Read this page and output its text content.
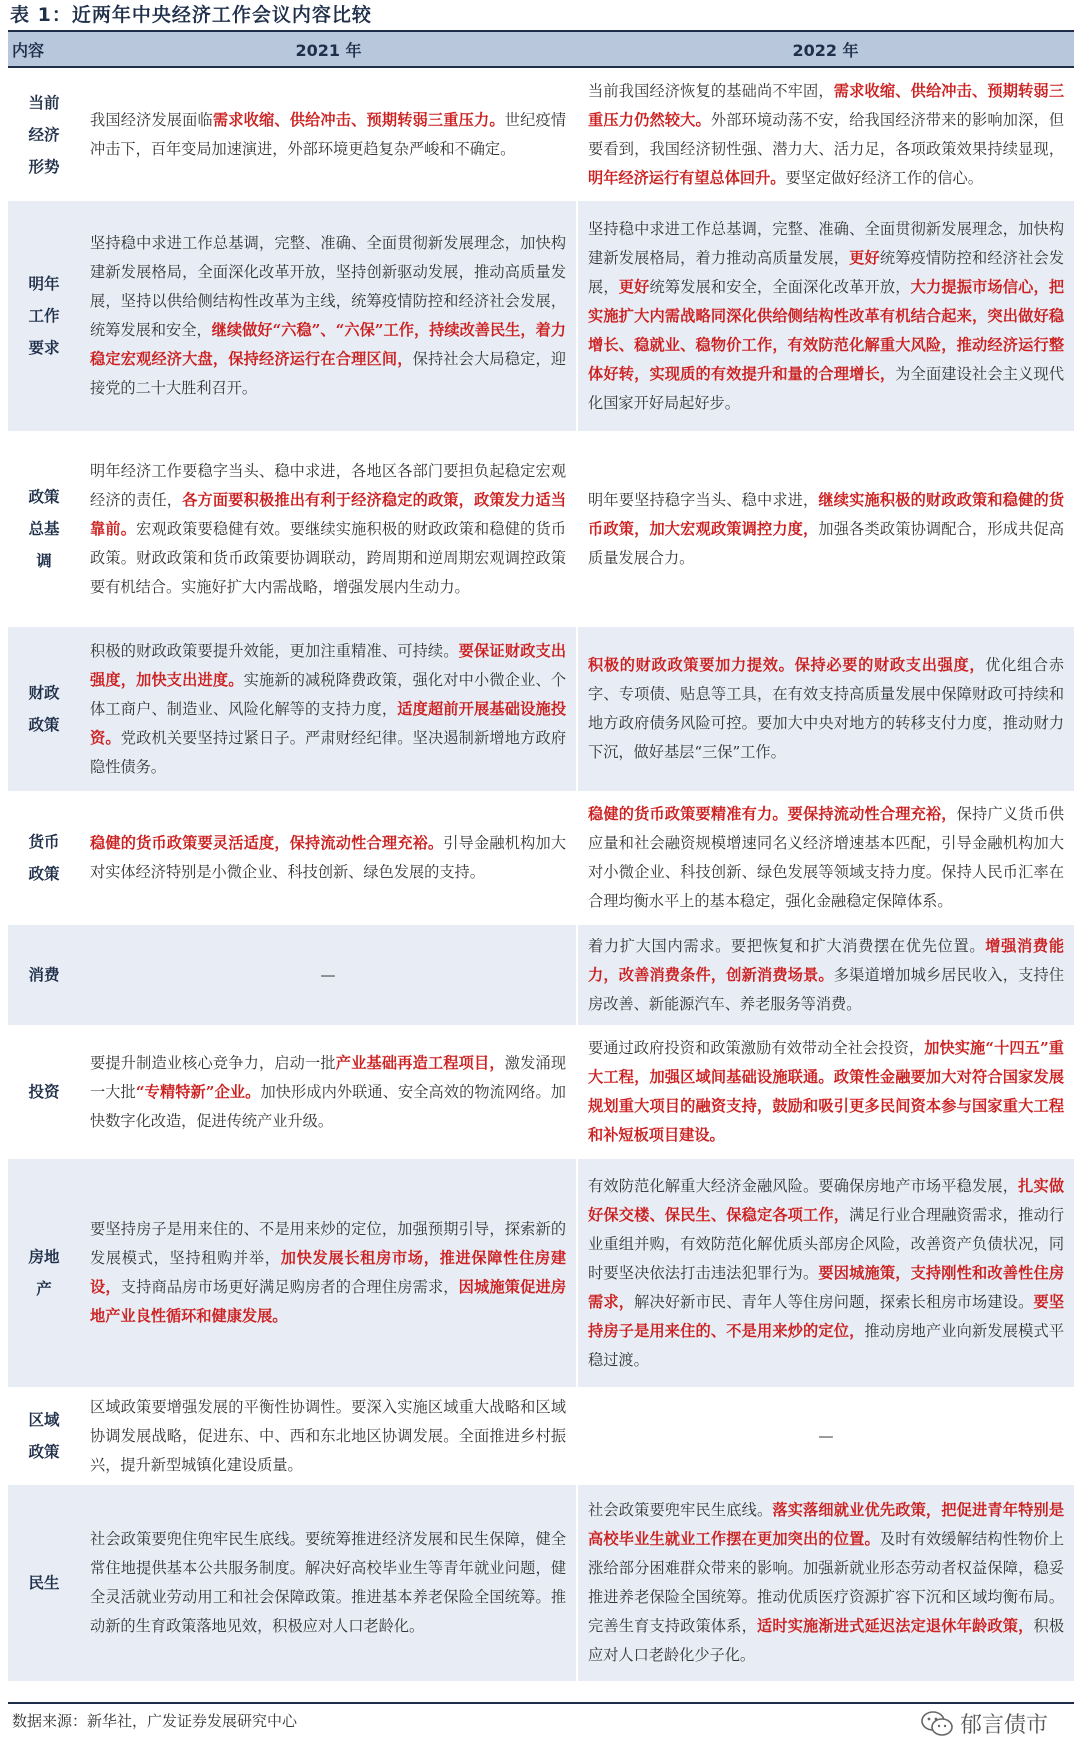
表 1：近两年中央经济工作会议内容比较
内容	2021 年	2022 年
当前经济形势	我国经济发展面临需求收缩、供给冲击、预期转弱三重压力。世纪疫情冲击下，百年变局加速演进，外部环境更趋复杂严峻和不确定。	当前我国经济恢复的基础尚不牢固，需求收缩、供给冲击、预期转弱三重压力仍然较大。外部环境动荡不安，给我国经济带来的影响加深，但要看到，我国经济韧性强、潜力大、活力足，各项政策效果持续显现，明年经济运行有望总体回升。要坚定做好经济工作的信心。
明年工作要求	坚持稳中求进工作总基调，完整、准确、全面贯彻新发展理念，加快构建新发展格局，全面深化改革开放，坚持创新驱动发展，推动高质量发展，坚持以供给侧结构性改革为主线，统筹疫情防控和经济社会发展，统筹发展和安全，继续做好“六稳”、“六保”工作，持续改善民生，着力稳定宏观经济大盘，保持经济运行在合理区间，保持社会大局稳定，迎接党的二十大胜利召开。	坚持稳中求进工作总基调，完整、准确、全面贯彻新发展理念，加快构建新发展格局，着力推动高质量发展，更好统筹疫情防控和经济社会发展，更好统筹发展和安全，全面深化改革开放，大力提振市场信心，把实施扩大内需战略同深化供给侧结构性改革有机结合起来，突出做好稳增长、稳就业、稳物价工作，有效防范化解重大风险，推动经济运行整体好转，实现质的有效提升和量的合理增长，为全面建设社会主义现代化国家开好局起好步。
政策总基调	明年经济工作要稳字当头、稳中求进，各地区各部门要担负起稳定宏观经济的责任，各方面要积极推出有利于经济稳定的政策，政策发力适当靠前。宏观政策要稳健有效。要继续实施积极的财政政策和稳健的货币政策。财政政策和货币政策要协调联动，跨周期和逆周期宏观调控政策要有机结合。实施好扩大内需战略，增强发展内生动力。	明年要坚持稳字当头、稳中求进，继续实施积极的财政政策和稳健的货币政策，加大宏观政策调控力度，加强各类政策协调配合，形成共促高质量发展合力。
财政政策	积极的财政政策要提升效能，更加注重精准、可持续。要保证财政支出强度，加快支出进度。实施新的减税降费政策，强化对中小微企业、个体工商户、制造业、风险化解等的支持力度，适度超前开展基础设施投资。党政机关要坚持过紧日子。严肃财经纪律。坚决遏制新增地方政府隐性债务。	积极的财政政策要加力提效。保持必要的财政支出强度，优化组合赤字、专项债、贴息等工具，在有效支持高质量发展中保障财政可持续和地方政府债务风险可控。要加大中央对地方的转移支付力度，推动财力下沉，做好基层“三保”工作。
货币政策	稳健的货币政策要灵活适度，保持流动性合理充裕。引导金融机构加大对实体经济特别是小微企业、科技创新、绿色发展的支持。	稳健的货币政策要精准有力。要保持流动性合理充裕，保持广义货币供应量和社会融资规模增速同名义经济增速基本匹配，引导金融机构加大对小微企业、科技创新、绿色发展等领域支持力度。保持人民币汇率在合理均衡水平上的基本稳定，强化金融稳定保障体系。
消费	—	着力扩大国内需求。要把恢复和扩大消费摆在优先位置。增强消费能力，改善消费条件，创新消费场景。多渠道增加城乡居民收入，支持住房改善、新能源汽车、养老服务等消费。
投资	要提升制造业核心竞争力，启动一批产业基础再造工程项目，激发涌现一大批“专精特新”企业。加快形成内外联通、安全高效的物流网络。加快数字化改造，促进传统产业升级。	要通过政府投资和政策激励有效带动全社会投资，加快实施“十四五”重大工程，加强区域间基础设施联通。政策性金融要加大对符合国家发展规划重大项目的融资支持，鼓励和吸引更多民间资本参与国家重大工程和补短板项目建设。
房地产	要坚持房子是用来住的、不是用来炒的定位，加强预期引导，探索新的发展模式，坚持租购并举，加快发展长租房市场，推进保障性住房建设，支持商品房市场更好满足购房者的合理住房需求，因城施策促进房地产业良性循环和健康发展。	有效防范化解重大经济金融风险。要确保房地产市场平稳发展，扎实做好保交楼、保民生、保稳定各项工作，满足行业合理融资需求，推动行业重组并购，有效防范化解优质头部房企风险，改善资产负债状况，同时要坚决依法打击违法犯罪行为。要因城施策，支持刚性和改善性住房需求，解决好新市民、青年人等住房问题，探索长租房市场建设。要坚持房子是用来住的、不是用来炒的定位，推动房地产业向新发展模式平稳过渡。
区域政策	区域政策要增强发展的平衡性协调性。要深入实施区域重大战略和区域协调发展战略，促进东、中、西和东北地区协调发展。全面推进乡村振兴，提升新型城镇化建设质量。	—
民生	社会政策要兜住兜牢民生底线。要统筹推进经济发展和民生保障，健全常住地提供基本公共服务制度。解决好高校毕业生等青年就业问题，健全灵活就业劳动用工和社会保障政策。推进基本养老保险全国统筹。推动新的生育政策落地见效，积极应对人口老龄化。	社会政策要兜牢民生底线。落实落细就业优先政策，把促进青年特别是高校毕业生就业工作摆在更加突出的位置。及时有效缓解结构性物价上涨给部分困难群众带来的影响。加强新就业形态劳动者权益保障，稳妥推进养老保险全国统筹。推动优质医疗资源扩容下沉和区域均衡布局。完善生育支持政策体系，适时实施渐进式延迟法定退休年龄政策，积极应对人口老龄化少子化。
数据来源：新华社，广发证券发展研究中心	郁言债市
